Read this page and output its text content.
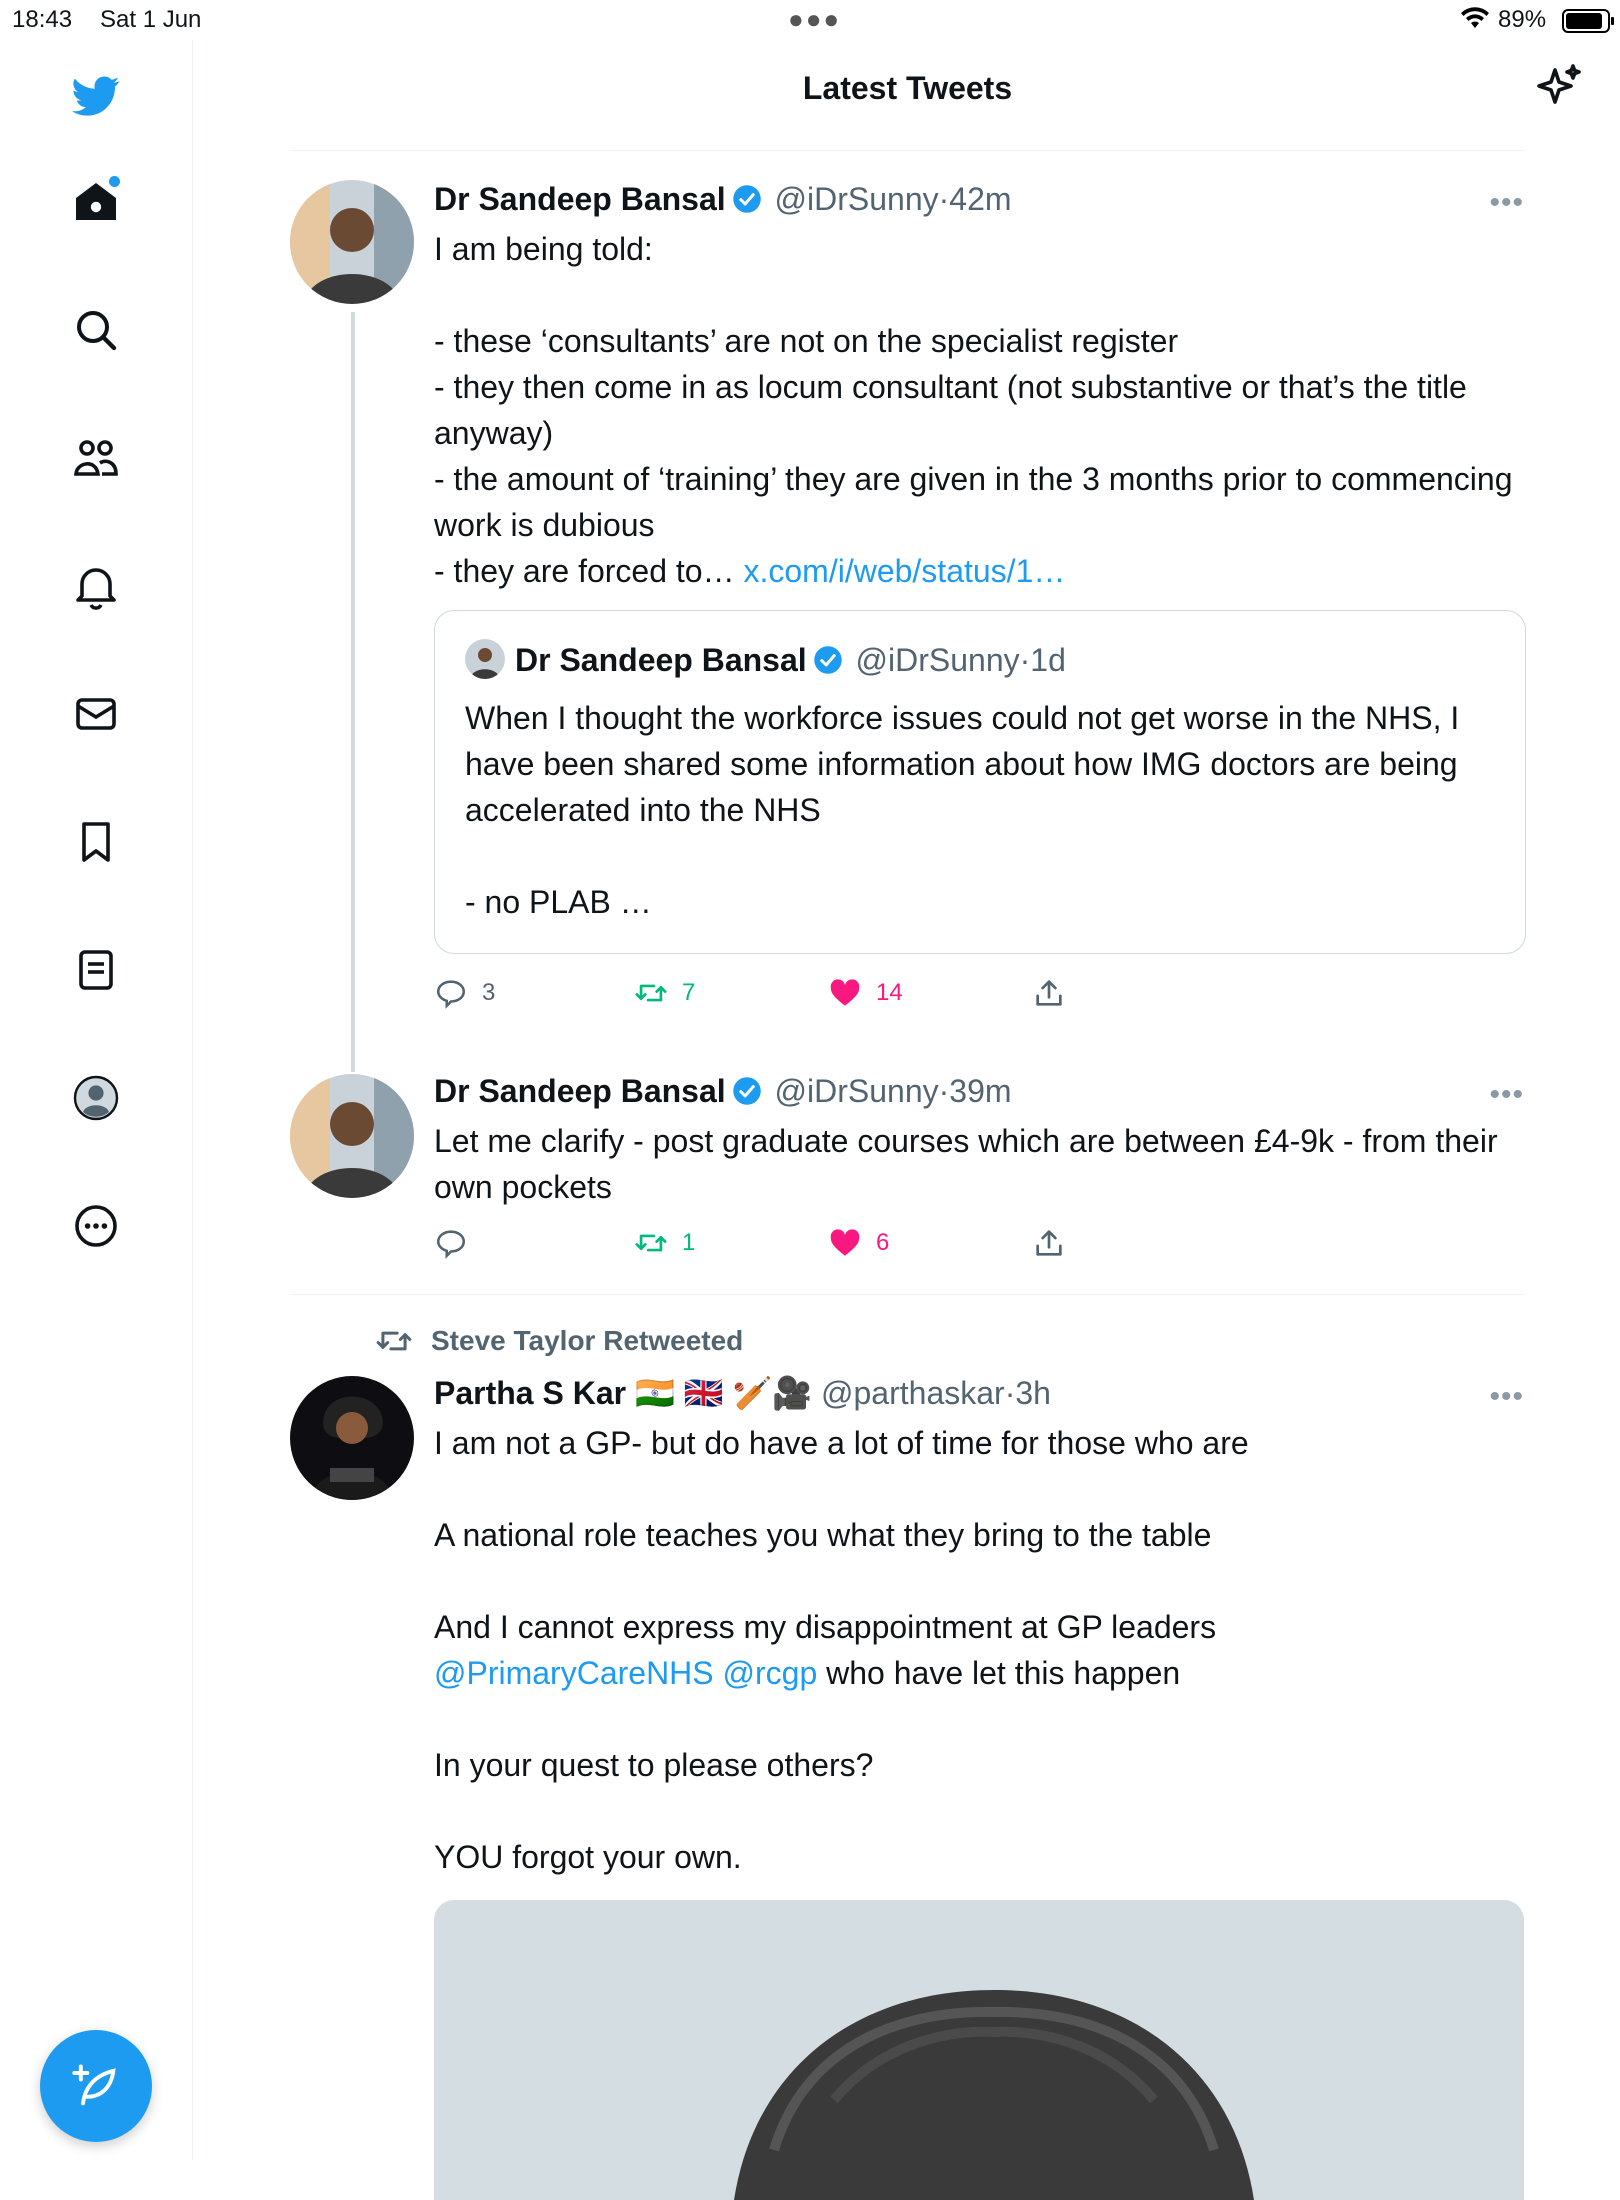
18:43 Sat 1 Jun	●●●	89%
Latest Tweets
Dr Sandeep Bansal @iDrSunny·42m

I am being told:

- these ‘consultants’ are not on the specialist register

- they then come in as locum consultant (not substantive or that’s the title anyway)

- the amount of ‘training’ they are given in the 3 months prior to commencing work is dubious

- they are forced to… x.com/i/web/status/1…

•••
Dr Sandeep Bansal @iDrSunny·1d

When I thought the workforce issues could not get worse in the NHS, I have been shared some information about how IMG doctors are being accelerated into the NHS

- no PLAB …

3	7	14
Dr Sandeep Bansal @iDrSunny·39m
Let me clarify - post graduate courses which are between £4-9k - from their own pockets
•••
1	6
Steve Taylor Retweeted
Partha S Kar 🇮🇳 🇬🇧 🏏🎥 @parthaskar·3h

I am not a GP- but do have a lot of time for those who are

A national role teaches you what they bring to the table

And I cannot express my disappointment at GP leaders

@PrimaryCareNHS @rcgp who have let this happen

In your quest to please others?

YOU forgot your own.

•••
